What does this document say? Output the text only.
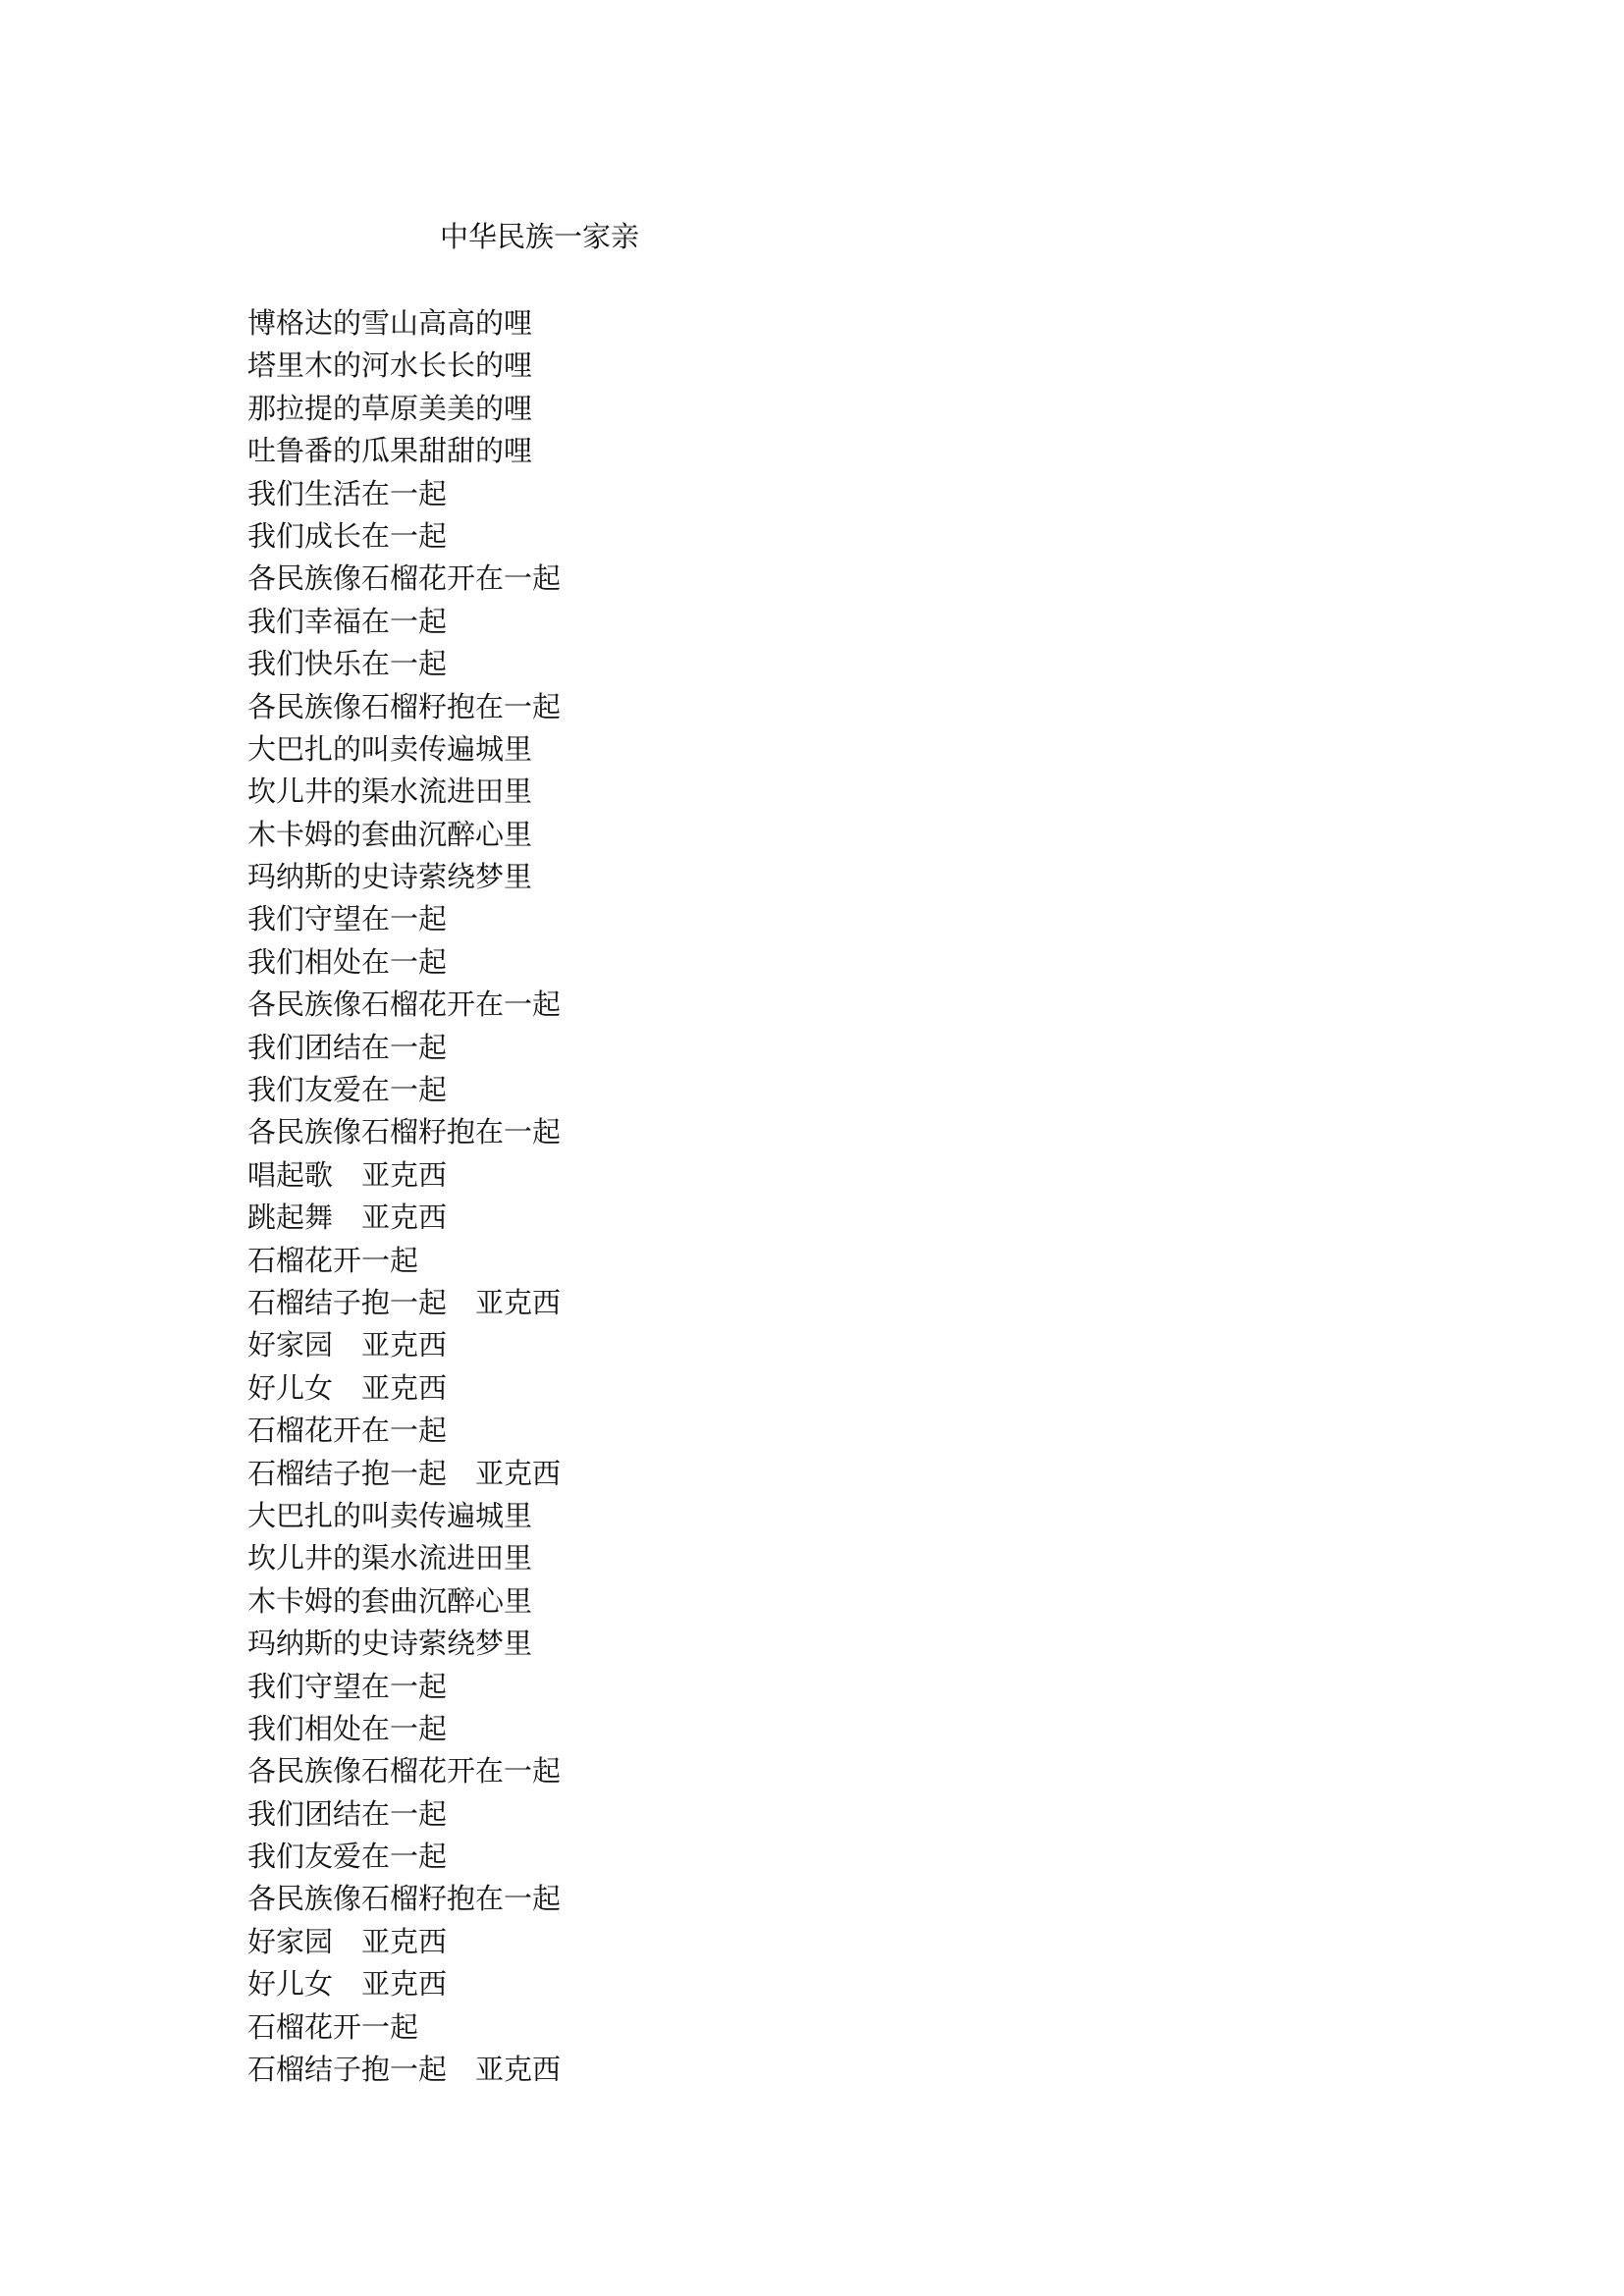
中华民族一家亲
博格达的雪山高高的哩
塔里木的河水长长的哩
那拉提的草原美美的哩
吐鲁番的瓜果甜甜的哩
我们生活在一起
我们成长在一起
各民族像石榴花开在一起
我们幸福在一起
我们快乐在一起
各民族像石榴籽抱在一起
大巴扎的叫卖传遍城里
坎儿井的渠水流进田里
木卡姆的套曲沉醉心里
玛纳斯的史诗萦绕梦里
我们守望在一起
我们相处在一起
各民族像石榴花开在一起
我们团结在一起
我们友爱在一起
各民族像石榴籽抱在一起
唱起歌　亚克西
跳起舞　亚克西
石榴花开一起
石榴结子抱一起　亚克西
好家园　亚克西
好儿女　亚克西
石榴花开在一起
石榴结子抱一起　亚克西
大巴扎的叫卖传遍城里
坎儿井的渠水流进田里
木卡姆的套曲沉醉心里
玛纳斯的史诗萦绕梦里
我们守望在一起
我们相处在一起
各民族像石榴花开在一起
我们团结在一起
我们友爱在一起
各民族像石榴籽抱在一起
好家园　亚克西
好儿女　亚克西
石榴花开一起
石榴结子抱一起　亚克西
